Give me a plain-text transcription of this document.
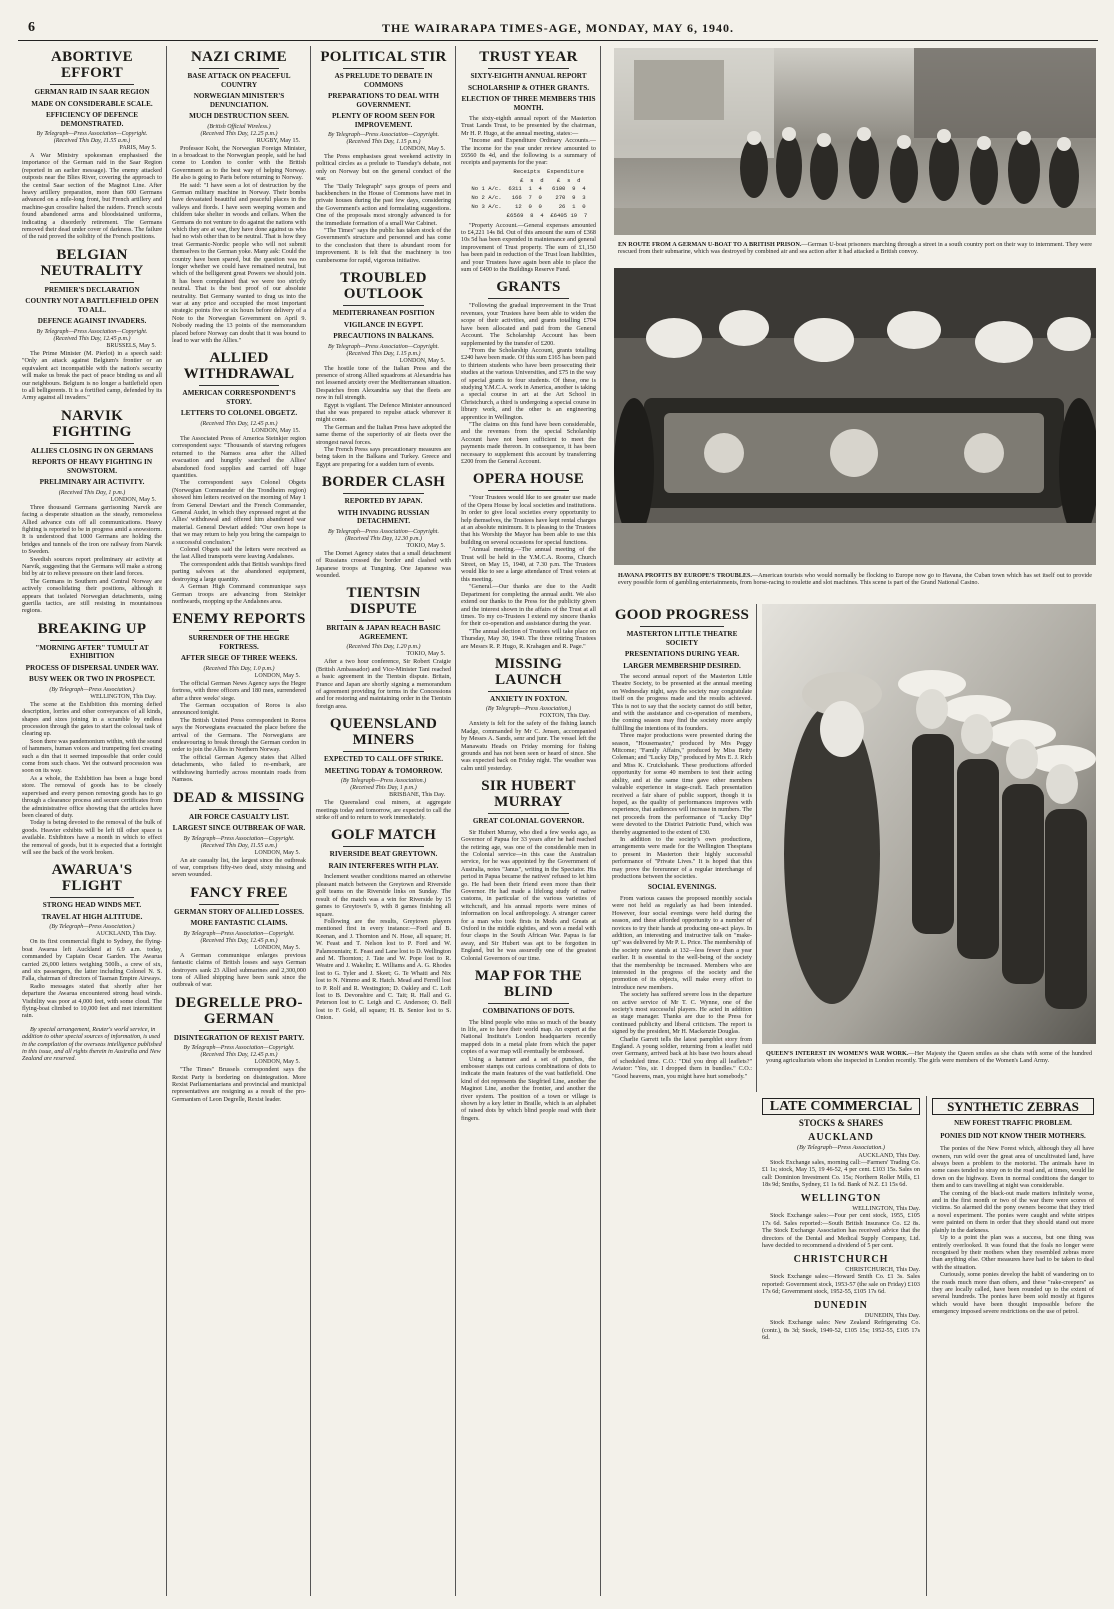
6	THE WAIRARAPA TIMES-AGE, MONDAY, MAY 6, 1940.
ABORTIVE EFFORT
GERMAN RAID IN SAAR REGION
MADE ON CONSIDERABLE SCALE.
EFFICIENCY OF DEFENCE DEMONSTRATED.
By Telegraph—Press Association—Copyright.
(Received This Day, 11.55 a.m.)
PARIS, May 5.

A War Ministry spokesman emphasised the importance of the German raid in the Saar Region (reported in an earlier message). The enemy attacked outposts near the Blies River, covering the approach to the central Saar section of the Maginot Line. After heavy artillery preparation, more than 600 Germans advanced on a mile-long front, but French artillery and machine-gun crossfire halted the raiders. French scouts found abandoned arms and bloodstained uniforms, indicating a disorderly retirement. The Germans removed their dead under cover of darkness. The failure of the raid proved the solidity of the French positions.

BELGIAN NEUTRALITY
PREMIER'S DECLARATION
COUNTRY NOT A BATTLEFIELD OPEN TO ALL.
DEFENCE AGAINST INVADERS.
By Telegraph—Press Association—Copyright.
(Received This Day, 12.45 p.m.)
BRUSSELS, May 5.

The Prime Minister (M. Pierlot) in a speech said: "Only an attack against Belgium's frontier or an equivalent act incompatible with the nation's security will make us break the pact of peace binding us and all our neighbours. Belgium is no longer a battlefield open to all belligerents. It is a fortified camp, defended by its Army against all invaders."

NARVIK FIGHTING
ALLIES CLOSING IN ON GERMANS
REPORTS OF HEAVY FIGHTING IN SNOWSTORM.
PRELIMINARY AIR ACTIVITY.
(Received This Day, 1 p.m.)
LONDON, May 5.

Three thousand Germans garrisoning Narvik are facing a desperate situation as the steady, remorseless Allied advance cuts off all communications. Heavy fighting is reported to be in progress amid a snowstorm. It is understood that 1000 Germans are holding the bridges and tunnels of the iron ore railway from Narvik to Sweden.

Swedish sources report preliminary air activity at Narvik, suggesting that the Germans will make a strong bid by air to relieve pressure on their land forces.

The Germans in Southern and Central Norway are actively consolidating their positions, although it appears that isolated Norwegian detachments, using guerilla tactics, are still resisting in mountainous regions.

BREAKING UP
"MORNING AFTER" TUMULT AT EXHIBITION
PROCESS OF DISPERSAL UNDER WAY.
BUSY WEEK OR TWO IN PROSPECT.
(By Telegraph—Press Association.)
WELLINGTON, This Day.

The scene at the Exhibition this morning defied description, lorries and other conveyances of all kinds, shapes and sizes joining in a scramble by endless procession through the gates to start the colossal task of clearing up.

Soon there was pandemonium within, with the sound of hammers, human voices and trumpeting feet creating such a din that it seemed impossible that order could come from such chaos. Yet the outward procession was soon on its way.

As a whole, the Exhibition has been a huge bond store. The removal of goods has to be closely supervised and every person removing goods has to go through a clearance process and secure certificates from the administrative office showing that the articles have been cleared of duty.

Today is being devoted to the removal of the bulk of goods. Heavier exhibits will be left till other space is available. Exhibitors have a month in which to effect the removal of goods, but it is expected that a fortnight will see the back of the work broken.

AWARUA'S FLIGHT
STRONG HEAD WINDS MET.
TRAVEL AT HIGH ALTITUDE.
(By Telegraph—Press Association.)
AUCKLAND, This Day.

On its first commercial flight to Sydney, the flying-boat Awarua left Auckland at 6.9 a.m. today, commanded by Captain Oscar Garden. The Awarua carried 26,000 letters weighing 500lb., a crew of six, and six passengers, the latter including Colonel N. S. Falla, chairman of directors of Tasman Empire Airways.

Radio messages stated that shortly after her departure the Awarua encountered strong head winds. Visibility was poor at 4,000 feet, with some cloud. The flying-boat climbed to 10,000 feet and met intermittent rain.

By special arrangement, Reuter's world service, in addition to other special sources of information, is used in the compilation of the overseas intelligence published in this issue, and all rights therein in Australia and New Zealand are reserved.

NAZI CRIME
BASE ATTACK ON PEACEFUL COUNTRY
NORWEGIAN MINISTER'S DENUNCIATION.
MUCH DESTRUCTION SEEN.
(British Official Wireless.)
(Received This Day, 12.25 p.m.)
RUGBY, May 15.

Professor Koht, the Norwegian Foreign Minister, in a broadcast to the Norwegian people, said he had come to London to confer with the British Government as to the best way of helping Norway. He also is going to Paris before returning to Norway.

He said: "I have seen a lot of destruction by the German military machine in Norway. Their bombs have devastated beautiful and peaceful places in the valleys and fiords. I have seen weeping women and children take shelter in woods and cellars. When the Germans do not venture to do against the nations with which they are at war, they have done against us who had no wish other than to be neutral. That is how they treat Germanic-Nordic people who will not submit themselves to the German yoke. Many ask: Could the country have been spared, but the question was no longer whether we could have remained neutral, but which of the belligerent great Powers we should join. It has been complained that we were too strictly neutral. That is the best proof of our absolute neutrality. But Germany wanted to drag us into the war at any price and occupied the most important strategic points five or six hours before delivery of a Note to the Norwegian Government on April 9. Nobody reading the 13 points of the memorandum placed before Norway can doubt that it was bound to lead to war with the Allies."

ALLIED WITHDRAWAL
AMERICAN CORRESPONDENT'S STORY.
LETTERS TO COLONEL OBGETZ.
(Received This Day, 12.45 p.m.)
LONDON, May 15.

The Associated Press of America Steinkjer region correspondent says: "Thousands of starving refugees returned to the Namsos area after the Allied evacuation and hungrily searched the Allies' abandoned food supplies and carried off huge quantities.

The correspondent says Colonel Obgets (Norwegian Commander of the Trondheim region) showed him letters received on the morning of May 1 from General Dewiart and the French Commander, General Audet, in which they expressed regret at the Allies' withdrawal and offered him abandoned war material. General Dewiart added: "Our own hope is that we may return to help you bring the campaign to a successful conclusion."

Colonel Obgets said the letters were received as the last Allied transports were leaving Andalsnes.

The correspondent adds that British warships fired parting salvoes at the abandoned equipment, destroying a large quantity.

A German High Command communique says German troops are advancing from Steinkjer northwards, mopping up the Andalsnes area.

ENEMY REPORTS
SURRENDER OF THE HEGRE FORTRESS.
AFTER SIEGE OF THREE WEEKS.
(Received This Day, 1.0 p.m.)
LONDON, May 5.

The official German News Agency says the Hegre fortress, with three officers and 180 men, surrendered after a three weeks' siege.

The German occupation of Roros is also announced tonight.

The British United Press correspondent in Roros says the Norwegians evacuated the place before the arrival of the Germans. The Norwegians are endeavouring to break through the German cordon in order to join the Allies in Northern Norway.

The official German Agency states that Allied detachments, who failed to re-embark, are withdrawing hurriedly across mountain roads from Namsos.

DEAD & MISSING
AIR FORCE CASUALTY LIST.
LARGEST SINCE OUTBREAK OF WAR.
By Telegraph—Press Association—Copyright.
(Received This Day, 11.55 a.m.)
LONDON, May 5.

An air casualty list, the largest since the outbreak of war, comprises fifty-two dead, sixty missing and seven wounded.

FANCY FREE
GERMAN STORY OF ALLIED LOSSES.
MORE FANTASTIC CLAIMS.
By Telegraph—Press Association—Copyright.
(Received This Day, 12.45 p.m.)
LONDON, May 5.

A German communique enlarges previous fantastic claims of British losses and says German destroyers sank 23 Allied submarines and 2,300,000 tons of Allied shipping have been sunk since the outbreak of war.

DEGRELLE PRO-GERMAN
DISINTEGRATION OF REXIST PARTY.
By Telegraph—Press Association—Copyright.
(Received This Day, 12.45 p.m.)
LONDON, May 5.

"The Times" Brussels correspondent says the Rexist Party is bordering on disintegration. More Rexist Parliamentarians and provincial and municipal representatives are resigning as a result of the pro-Germanism of Leon Degrelle, Rexist leader.

POLITICAL STIR
AS PRELUDE TO DEBATE IN COMMONS
PREPARATIONS TO DEAL WITH GOVERNMENT.
PLENTY OF ROOM SEEN FOR IMPROVEMENT.
By Telegraph—Press Association—Copyright.
(Received This Day, 1.15 p.m.)
LONDON, May 5.

The Press emphasises great weekend activity in political circles as a prelude to Tuesday's debate, not only on Norway but on the general conduct of the war.

The "Daily Telegraph" says groups of peers and backbenchers in the House of Commons have met in private houses during the past few days, considering the Government's action and formulating suggestions. One of the proposals most strongly advanced is for the immediate formation of a small War Cabinet.

"The Times" says the public has taken stock of the Government's structure and personnel and has come to the conclusion that there is abundant room for improvement. It is felt that the machinery is too cumbersome for rapid, vigorous initiative.

TROUBLED OUTLOOK
MEDITERRANEAN POSITION
VIGILANCE IN EGYPT.
PRECAUTIONS IN BALKANS.
By Telegraph—Press Association—Copyright.
(Received This Day, 1.15 p.m.)
LONDON, May 5.

The hostile tone of the Italian Press and the presence of strong Allied squadrons at Alexandria has not lessened anxiety over the Mediterranean situation. Despatches from Alexandria say that the fleets are now in full strength.

Egypt is vigilant. The Defence Minister announced that she was prepared to repulse attack wherever it might come.

The German and the Italian Press have adopted the same theme of the superiority of air fleets over the strongest naval forces.

The French Press says precautionary measures are being taken in the Balkans and Turkey. Greece and Egypt are preparing for a sudden turn of events.

BORDER CLASH
REPORTED BY JAPAN.
WITH INVADING RUSSIAN DETACHMENT.
By Telegraph—Press Association—Copyright.
(Received This Day, 12.30 p.m.)
TOKIO, May 5.

The Domei Agency states that a small detachment of Russians crossed the border and clashed with Japanese troops at Tungning. One Japanese was wounded.

TIENTSIN DISPUTE
BRITAIN & JAPAN REACH BASIC AGREEMENT.
(Received This Day, 1.20 p.m.)
TOKIO, May 5.

After a two hour conference, Sir Robert Craigie (British Ambassador) and Vice-Minister Tani reached a basic agreement in the Tientsin dispute. Britain, France and Japan are shortly signing a memorandum of agreement providing for terms in the Concessions and for restoring and maintaining order in the Tientsin foreign area.

QUEENSLAND MINERS
EXPECTED TO CALL OFF STRIKE.
MEETING TODAY & TOMORROW.
(By Telegraph—Press Association.)
(Received This Day, 1 p.m.)
BRISBANE, This Day.

The Queensland coal miners, at aggregate meetings today and tomorrow, are expected to call the strike off and to return to work immediately.

GOLF MATCH
RIVERSIDE BEAT GREYTOWN.
RAIN INTERFERES WITH PLAY.

Inclement weather conditions marred an otherwise pleasant match between the Greytown and Riverside golf teams on the Riverside links on Sunday. The result of the match was a win for Riverside by 15 games to Greytown's 9, with 8 games finishing all square.

Following are the results, Greytown players mentioned first in every instance:—Ford and B. Keenan, and J. Thornton and N. Hose, all square; H. W. Feast and T. Nelson lost to P. Ford and W. Palamountain; E. Feast and Lane lost to D. Wellington and M. Thornton; J. Tate and W. Pope lost to R. Weatre and J. Wakelin; E. Williams and A. G. Rhodes lost to G. Tyler and J. Skeet; G. Te Whaiti and Nix lost to N. Nimmo and R. Hatch. Mead and Ferrell lost to P. Rolf and R. Westington; D. Oakley and C. Loft lost to B. Devonshire and C. Tait; R. Hall and G. Peterson lost to C. Leigh and C. Anderson; O. Bell lost to F. Gold, all square; H. B. Senior lost to S. Onion.

TRUST YEAR
SIXTY-EIGHTH ANNUAL REPORT
SCHOLARSHIP & OTHER GRANTS.
ELECTION OF THREE MEMBERS THIS MONTH.

The sixty-eighth annual report of the Masterton Trust Lands Trust, to be presented by the chairman, Mr H. P. Hugo, at the annual meeting, states:—

"Income and Expenditure Ordinary Accounts.—The income for the year under review amounted to £6560 8s 4d, and the following is a summary of receipts and payments for the year:

Receipts  Expenditure
£  s  d    £  s  d
No 1 A/c.  6311  1  4   6100  9  4
No 2 A/c.   166  7  0    270  9  3
No 3 A/c.    12  0  0     26  1  0
£6569  8  4  £6405 19  7

"Property Account.—General expenses amounted to £4,221 14s 8d. Out of this amount the sum of £368 10s 5d has been expended in maintenance and general improvement of Trust property. The sum of £1,150 has been paid in reduction of the Trust loan liabilities, and your Trustees have again been able to place the sum of £400 to the Buildings Reserve Fund.

GRANTS

"Following the gradual improvement in the Trust revenues, your Trustees have been able to widen the scope of their activities, and grants totalling £704 have been allocated and paid from the General Account. The Scholarship Account has been supplemented by the transfer of £200.

"From the Scholarship Account, grants totalling £240 have been made. Of this sum £165 has been paid to thirteen students who have been prosecuting their studies at the various Universities, and £75 in the way of special grants to four students. Of these, one is studying Y.M.C.A. work in America, another is taking a special course in art at the Art School in Christchurch, a third is undergoing a special course in library work, and the other is an engineering apprentice in Wellington.

"The claims on this fund have been considerable, and the revenues from the special Scholarship Account have not been sufficient to meet the payments made thereon. In consequence, it has been necessary to supplement this account by transferring £200 from the General Account.

OPERA HOUSE

"Your Trustees would like to see greater use made of the Opera House by local societies and institutions. In order to give local societies every opportunity to help themselves, the Trustees have kept rental charges at an absolute minimum. It is pleasing to the Trustees that his Worship the Mayor has been able to use this building on several occasions for special functions.

"Annual meeting.—The annual meeting of the Trust will be held in the Y.M.C.A. Rooms, Church Street, on May 15, 1940, at 7.30 p.m. The Trustees would like to see a large attendance of Trust voters at this meeting.

"General.—Our thanks are due to the Audit Department for completing the annual audit. We also extend our thanks to the Press for the publicity given and the interest shown in the affairs of the Trust at all times. To my co-Trustees I extend my sincere thanks for their co-operation and assistance during the year.

"The annual election of Trustees will take place on Thursday, May 30, 1940. The three retiring Trustees are Messrs R. P. Hugo, R. Krahagen and R. Page."

MISSING LAUNCH
ANXIETY IN FOXTON.
(By Telegraph—Press Association.)
FOXTON, This Day.

Anxiety is felt for the safety of the fishing launch Madge, commanded by Mr C. Jensen, accompanied by Messrs A. Sands, senr and junr. The vessel left the Manawatu Heads on Friday morning for fishing grounds and has not been seen or heard of since. She was expected back on Friday night. The weather was calm until yesterday.

SIR HUBERT MURRAY
GREAT COLONIAL GOVERNOR.

Sir Hubert Murray, who died a few weeks ago, as Governor of Papua for 33 years after he had reached the retiring age, was one of the considerable men in the Colonial service—in this case the Australian service, for he was appointed by the Government of Australia, notes "Janus", writing in the Spectator. His period in Papua became the natives' refused to let him go. He had been their friend even more than their Governor. He had made a lifelong study of native customs, in particular of the various varieties of witchcraft, and his annual reports were mines of information on local anthropology. A stranger career for a man who took firsts in Mods and Greats at Oxford in the middle eighties, and won a medal with four clasps in the South African War. Papua is far away, and Sir Hubert was apt to be forgotten in England, but he was assuredly one of the greatest Colonial Governors of our time.

MAP FOR THE BLIND
COMBINATIONS OF DOTS.

The blind people who miss so much of the beauty in life, are to have their world map. An expert at the National Institute's London headquarters recently mapped dots in a metal plate from which the paper copies of a war map will eventually be embossed.

Using a hammer and a set of punches, the embosser stamps out curious combinations of dots to indicate the main features of the vast battlefield. One kind of dot represents the Siegfried Line, another the Maginot Line, another the frontier, and another the river system. The position of a town or village is shown by a key letter in Braille, which is an alphabet of raised dots by which blind people read with their fingers.

EN ROUTE FROM A GERMAN U-BOAT TO A BRITISH PRISON.—German U-boat prisoners marching through a street in a south country port on their way to internment. They were rescued from their submarine, which was destroyed by combined air and sea action after it had attacked a British convoy.
HAVANA PROFITS BY EUROPE'S TROUBLES.—American tourists who would normally be flocking to Europe now go to Havana, the Cuban town which has set itself out to provide every possible form of gambling entertainments, from horse-racing to roulette and slot machines. This scene is part of the Grand National Casino.
GOOD PROGRESS
MASTERTON LITTLE THEATRE SOCIETY
PRESENTATIONS DURING YEAR.
LARGER MEMBERSHIP DESIRED.

The second annual report of the Masterton Little Theatre Society, to be presented at the annual meeting on Wednesday night, says the society may congratulate itself on the progress made and the results achieved. This is not to say that the society cannot do still better, and with the assistance and co-operation of members, the coming season may find the society more amply fulfilling the intentions of its founders.

Three major productions were presented during the season, "Housemaster," produced by Mrs Peggy Mitcome; "Family Affairs," produced by Miss Betty Coleman; and "Lucky Dip," produced by Mrs E. J. Rich and Miss K. Cruickshank. These productions afforded opportunity for some 40 members to test their acting ability, and at the same time gave other members valuable experience in stage-craft. Each presentation received a fair share of public support, though it is hoped, as the quality of performances improves with experience, that audiences will increase in numbers. The net proceeds from the performance of "Lucky Dip" were devoted to the District Patriotic Fund, which was thereby augmented to the extent of £30.

In addition to the society's own productions, arrangements were made for the Wellington Thespians to present in Masterton their highly successful performance of "Private Lives." It is hoped that this may prove the forerunner of a regular interchange of productions between the societies.

SOCIAL EVENINGS.

From various causes the proposed monthly socials were not held as regularly as had been intended. However, four social evenings were held during the season, and these afforded opportunity to a number of novices to try their hands at producing one-act plays. In addition, an interesting and instructive talk on "make-up" was delivered by Mr P. L. Price. The membership of the society now stands at 132—less fewer than a year earlier. It is essential to the well-being of the society that the membership be increased. Members who are interested in the progress of the society and the promotion of its objects, will make every effort to introduce new members.

The society has suffered severe loss in the departure on active service of Mr T. C. Wynne, one of the society's most successful players. He acted in addition as stage manager. Thanks are due to the Press for continued publicity and liberal criticism. The report is signed by the president, Mr H. Mackenzie Douglas.

Charlie Garrett tells the latest pamphlet story from England. A young soldier, returning from a leaflet raid over Germany, arrived back at his base two hours ahead of scheduled time. C.O.: "Did you drop all leaflets?" Aviator: "Yes, sir. I dropped them in bundles." C.O.: "Good heavens, man, you might have hurt somebody."

QUEEN'S INTEREST IN WOMEN'S WAR WORK.—Her Majesty the Queen smiles as she chats with some of the hundred young agriculturists whom she inspected in London recently. The girls were members of the Women's Land Army.
LATE COMMERCIAL
STOCKS & SHARES
AUCKLAND
(By Telegraph—Press Association.)
AUCKLAND, This Day.

Stock Exchange sales, morning call:—Farmers' Trading Co. £1 1s; stock, May 15, 19 46-52, 4 per cent. £103 15s. Sales on call: Dominion Investment Co. 15s; Northern Roller Mills, £1 18s 9d; Smiths, Sydney, £1 1s 6d. Bank of N.Z. £1 15s 6d.

WELLINGTON
WELLINGTON, This Day.

Stock Exchange sales:—Four per cent stock, 1955, £105 17s 6d. Sales reported:—South British Insurance Co. £2 8s. The Stock Exchange Association has received advice that the directors of the Dental and Medical Supply Company, Ltd. have decided to recommend a dividend of 5 per cent.

CHRISTCHURCH
CHRISTCHURCH, This Day.

Stock Exchange sales:—Howard Smith Co. £1 3s. Sales reported: Government stock, 1953-57 (the sale on Friday) £103 17s 6d; Government stock, 1952-55, £105 17s 6d.

DUNEDIN
DUNEDIN, This Day.

Stock Exchange sales: New Zealand Refrigerating Co. (contr.), 8s 3d; Stock, 1949-52, £105 15s; 1952-55, £105 17s 6d.

SYNTHETIC ZEBRAS
NEW FOREST TRAFFIC PROBLEM.
PONIES DID NOT KNOW THEIR MOTHERS.

The ponies of the New Forest which, although they all have owners, run wild over the great area of uncultivated land, have always been a problem to the motorist. The animals have in some cases tended to stray on to the road and, at times, would lie down on the highway. Even in normal conditions the danger to them and to cars travelling at night was considerable.

The coming of the black-out made matters infinitely worse, and in the first month or two of the war there were scores of victims. So alarmed did the pony owners become that they tried a novel experiment. The ponies were caught and white stripes were painted on them in order that they should stand out more plainly in the darkness.

Up to a point the plan was a success, but one thing was entirely overlooked. It was found that the foals no longer were recognised by their mothers when they resembled zebras more than anything else. Other measures have had to be taken to deal with the situation.

Curiously, some ponies develop the habit of wandering on to the roads much more than others, and these "rake-creepers" as they are locally called, have been rounded up to the extent of several hundreds. The ponies have been sold mostly at figures which would have been thought impossible before the emergency imposed severe restrictions on the use of petrol.
